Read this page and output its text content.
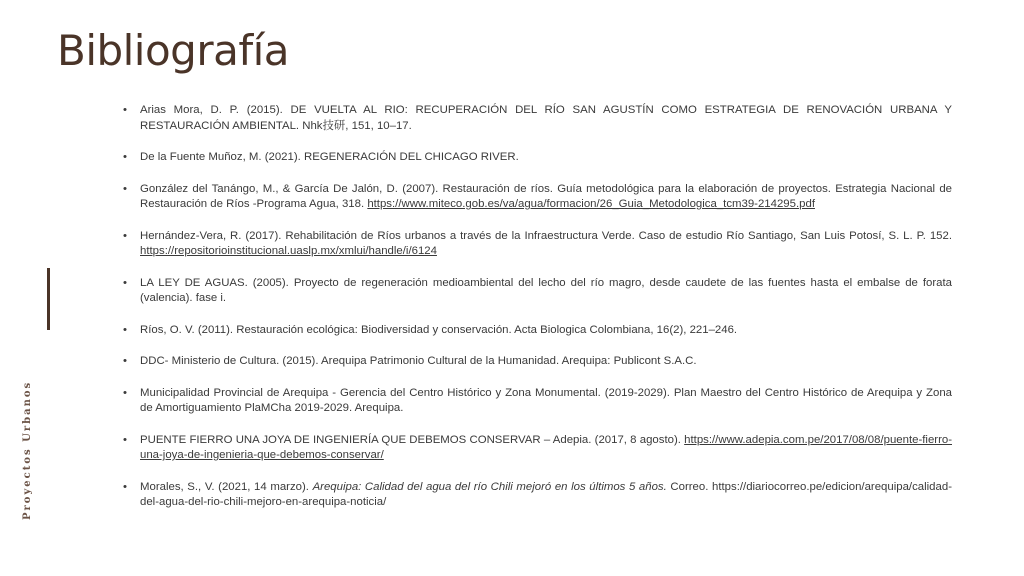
Bibliografía
Proyectos Urbanos
• Arias Mora, D. P. (2015). DE VUELTA AL RIO: RECUPERACIÓN DEL RÍO SAN AGUSTÍN COMO ESTRATEGIA DE RENOVACIÓN URBANA Y RESTAURACIÓN AMBIENTAL. Nhk技研, 151, 10–17.
• De la Fuente Muñoz, M. (2021). REGENERACIÓN DEL CHICAGO RIVER.
• González del Tanángo, M., & García De Jalón, D. (2007). Restauración de ríos. Guía metodológica para la elaboración de proyectos. Estrategia Nacional de Restauración de Ríos -Programa Agua, 318. https://www.miteco.gob.es/va/agua/formacion/26_Guia_Metodologica_tcm39-214295.pdf
• Hernández-Vera, R. (2017). Rehabilitación de Ríos urbanos a través de la Infraestructura Verde. Caso de estudio Río Santiago, San Luis Potosí, S. L. P. 152. https://repositorioinstitucional.uaslp.mx/xmlui/handle/i/6124
• LA LEY DE AGUAS. (2005). Proyecto de regeneración medioambiental del lecho del río magro, desde caudete de las fuentes hasta el embalse de forata (valencia). fase i.
• Ríos, O. V. (2011). Restauración ecológica: Biodiversidad y conservación. Acta Biologica Colombiana, 16(2), 221–246.
• DDC- Ministerio de Cultura. (2015). Arequipa Patrimonio Cultural de la Humanidad. Arequipa: Publicont S.A.C.
• Municipalidad Provincial de Arequipa - Gerencia del Centro Histórico y Zona Monumental. (2019-2029). Plan Maestro del Centro Histórico de Arequipa y Zona de Amortiguamiento PlaMCha 2019-2029. Arequipa.
• PUENTE FIERRO UNA JOYA DE INGENIERÍA QUE DEBEMOS CONSERVAR – Adepia. (2017, 8 agosto). https://www.adepia.com.pe/2017/08/08/puente-fierro-una-joya-de-ingenieria-que-debemos-conservar/
• Morales, S., V. (2021, 14 marzo). Arequipa: Calidad del agua del río Chili mejoró en los últimos 5 años. Correo. https://diariocorreo.pe/edicion/arequipa/calidad-del-agua-del-rio-chili-mejoro-en-arequipa-noticia/
